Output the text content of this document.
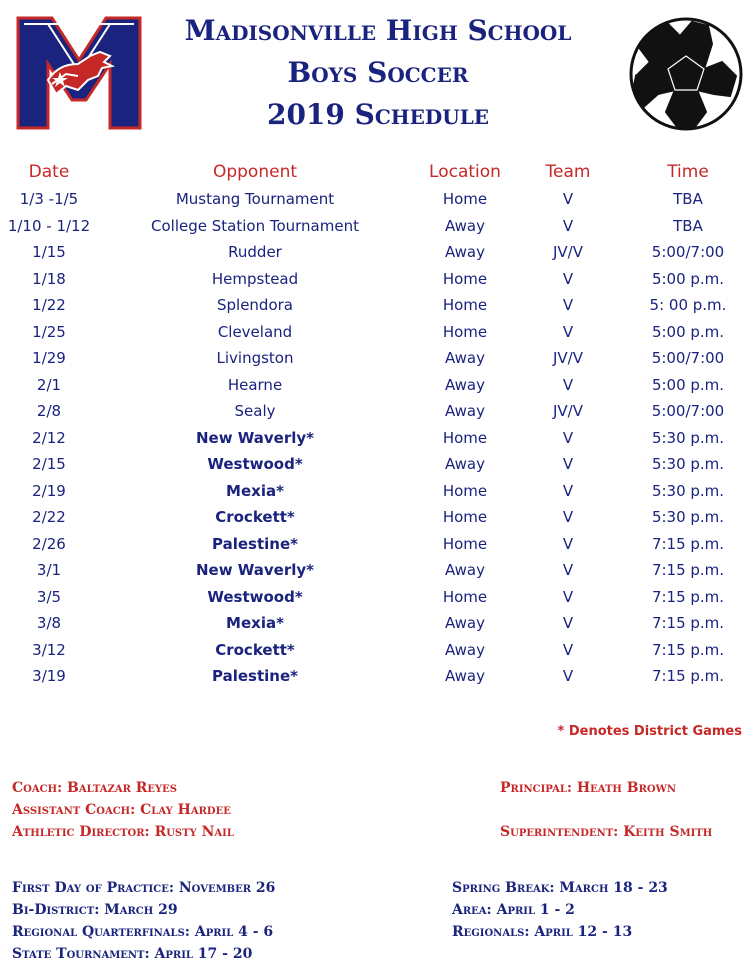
Madisonville High School
Boys Soccer
2019 Schedule
Date	Opponent	Location	Team	Time
1/3 -1/5	Mustang Tournament	Home	V	TBA
1/10 - 1/12	College Station Tournament	Away	V	TBA
1/15	Rudder	Away	JV/V	5:00/7:00
1/18	Hempstead	Home	V	5:00 p.m.
1/22	Splendora	Home	V	5: 00 p.m.
1/25	Cleveland	Home	V	5:00 p.m.
1/29	Livingston	Away	JV/V	5:00/7:00
2/1	Hearne	Away	V	5:00 p.m.
2/8	Sealy	Away	JV/V	5:00/7:00
2/12	New Waverly*	Home	V	5:30 p.m.
2/15	Westwood*	Away	V	5:30 p.m.
2/19	Mexia*	Home	V	5:30 p.m.
2/22	Crockett*	Home	V	5:30 p.m.
2/26	Palestine*	Home	V	7:15 p.m.
3/1	New Waverly*	Away	V	7:15 p.m.
3/5	Westwood*	Home	V	7:15 p.m.
3/8	Mexia*	Away	V	7:15 p.m.
3/12	Crockett*	Away	V	7:15 p.m.
3/19	Palestine*	Away	V	7:15 p.m.
* Denotes District Games
Coach: Baltazar Reyes
Assistant Coach: Clay Hardee
Athletic Director: Rusty Nail
Principal: Heath Brown
Superintendent: Keith Smith
First Day of Practice: November 26
Bi-District: March 29
Regional Quarterfinals: April 4 - 6
State Tournament: April 17 - 20
Spring Break: March 18 - 23
Area: April 1 - 2
Regionals: April 12 - 13
